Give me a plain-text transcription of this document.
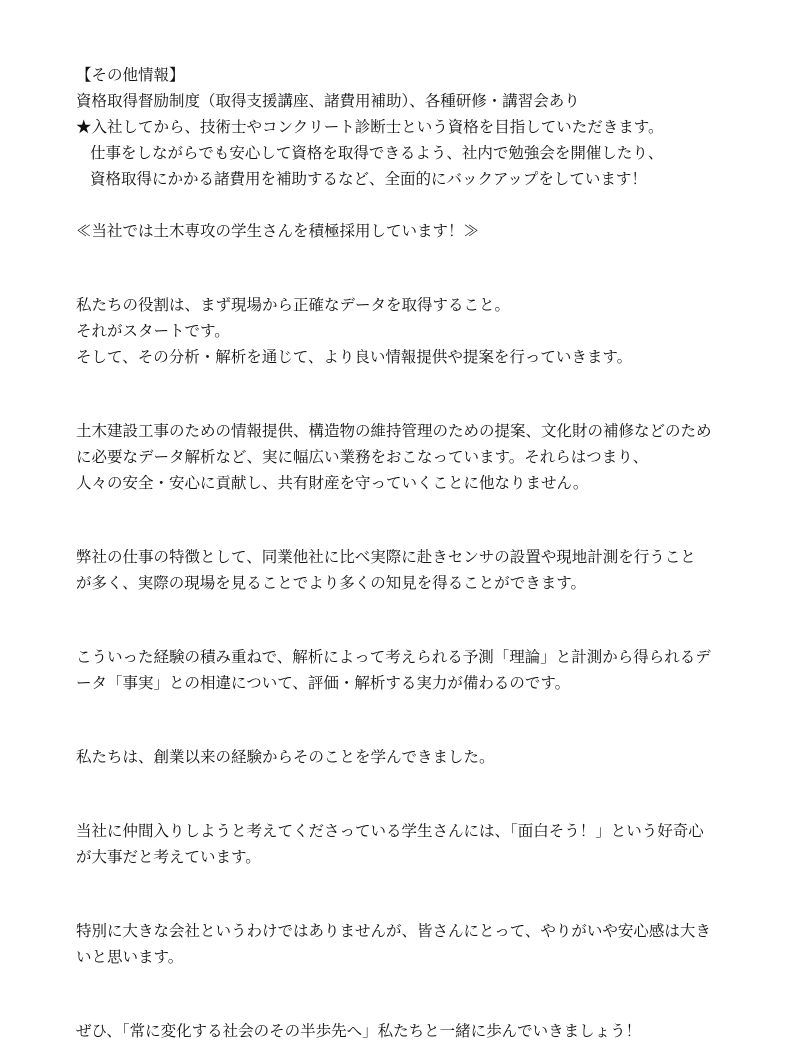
【その他情報】
資格取得督励制度（取得支援講座、諸費用補助）、各種研修・講習会あり
★入社してから、技術士やコンクリート診断士という資格を目指していただきます。
仕事をしながらでも安心して資格を取得できるよう、社内で勉強会を開催したり、
資格取得にかかる諸費用を補助するなど、全面的にバックアップをしています！
≪当社では土木専攻の学生さんを積極採用しています！≫
私たちの役割は、まず現場から正確なデータを取得すること。
それがスタートです。
そして、その分析・解析を通じて、より良い情報提供や提案を行っていきます。
土木建設工事のための情報提供、構造物の維持管理のための提案、文化財の補修などのため
に必要なデータ解析など、実に幅広い業務をおこなっています。それらはつまり、
人々の安全・安心に貢献し、共有財産を守っていくことに他なりません。
弊社の仕事の特徴として、同業他社に比べ実際に赴きセンサの設置や現地計測を行うこと
が多く、実際の現場を見ることでより多くの知見を得ることができます。
こういった経験の積み重ねで、解析によって考えられる予測「理論」と計測から得られるデ
ータ「事実」との相違について、評価・解析する実力が備わるのです。
私たちは、創業以来の経験からそのことを学んできました。
当社に仲間入りしようと考えてくださっている学生さんには、「面白そう！」という好奇心
が大事だと考えています。
特別に大きな会社というわけではありませんが、皆さんにとって、やりがいや安心感は大き
いと思います。
ぜひ、「常に変化する社会のその半歩先へ」私たちと一緒に歩んでいきましょう！
